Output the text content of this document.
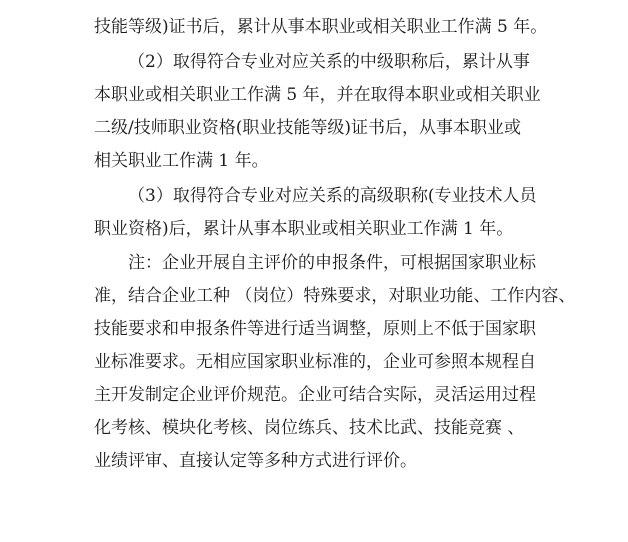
技能等级)证书后，累计从事本职业或相关职业工作满 5 年。
（2）取得符合专业对应关系的中级职称后，累计从事
本职业或相关职业工作满 5 年，并在取得本职业或相关职业
二级/技师职业资格(职业技能等级)证书后，从事本职业或
相关职业工作满 1 年。
（3）取得符合专业对应关系的高级职称(专业技术人员
职业资格)后，累计从事本职业或相关职业工作满 1 年。
注：企业开展自主评价的申报条件，可根据国家职业标
准，结合企业工种 （岗位）特殊要求，对职业功能、工作内容、
技能要求和申报条件等进行适当调整，原则上不低于国家职
业标准要求。无相应国家职业标准的，企业可参照本规程自
主开发制定企业评价规范。企业可结合实际，灵活运用过程
化考核、模块化考核、岗位练兵、技术比武、技能竞赛 、
业绩评审、直接认定等多种方式进行评价。
